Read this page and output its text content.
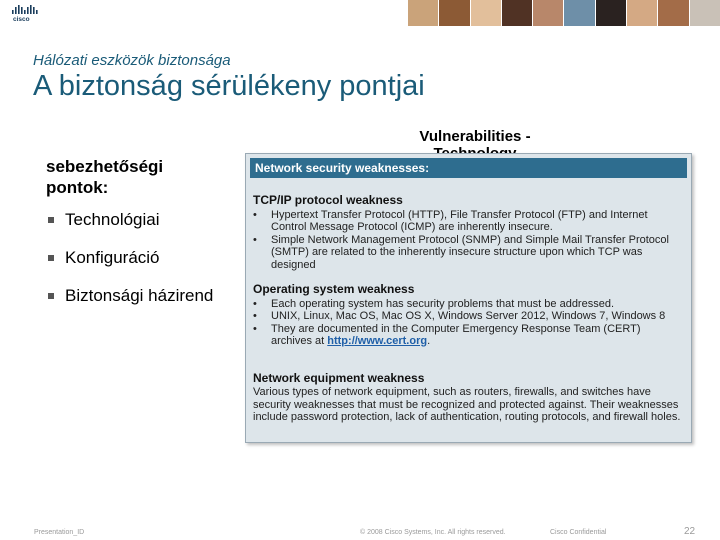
cisco
Hálózati eszközök biztonsága
A biztonság sérülékeny pontjai
sebezhetőségi pontok:
Technológiai
Konfiguráció
Biztonsági házirend
Vulnerabilities -
Network security weaknesses:
TCP/IP protocol weakness
•	Hypertext Transfer Protocol (HTTP), File Transfer Protocol (FTP) and Internet Control Message Protocol (ICMP) are inherently insecure.
•	Simple Network Management Protocol (SNMP) and Simple Mail Transfer Protocol (SMTP) are related to the inherently insecure structure upon which TCP was designed
Operating system weakness
•	Each operating system has security problems that must be addressed.
•	UNIX, Linux, Mac OS, Mac OS X, Windows Server 2012, Windows 7, Windows 8
•	They are documented in the Computer Emergency Response Team (CERT) archives at http://www.cert.org.
Network equipment weakness
Various types of network equipment, such as routers, firewalls, and switches have security weaknesses that must be recognized and protected against. Their weaknesses include password protection, lack of authentication, routing protocols, and firewall holes.
Presentation_ID	© 2008 Cisco Systems, Inc. All rights reserved.	Cisco Confidential	22
